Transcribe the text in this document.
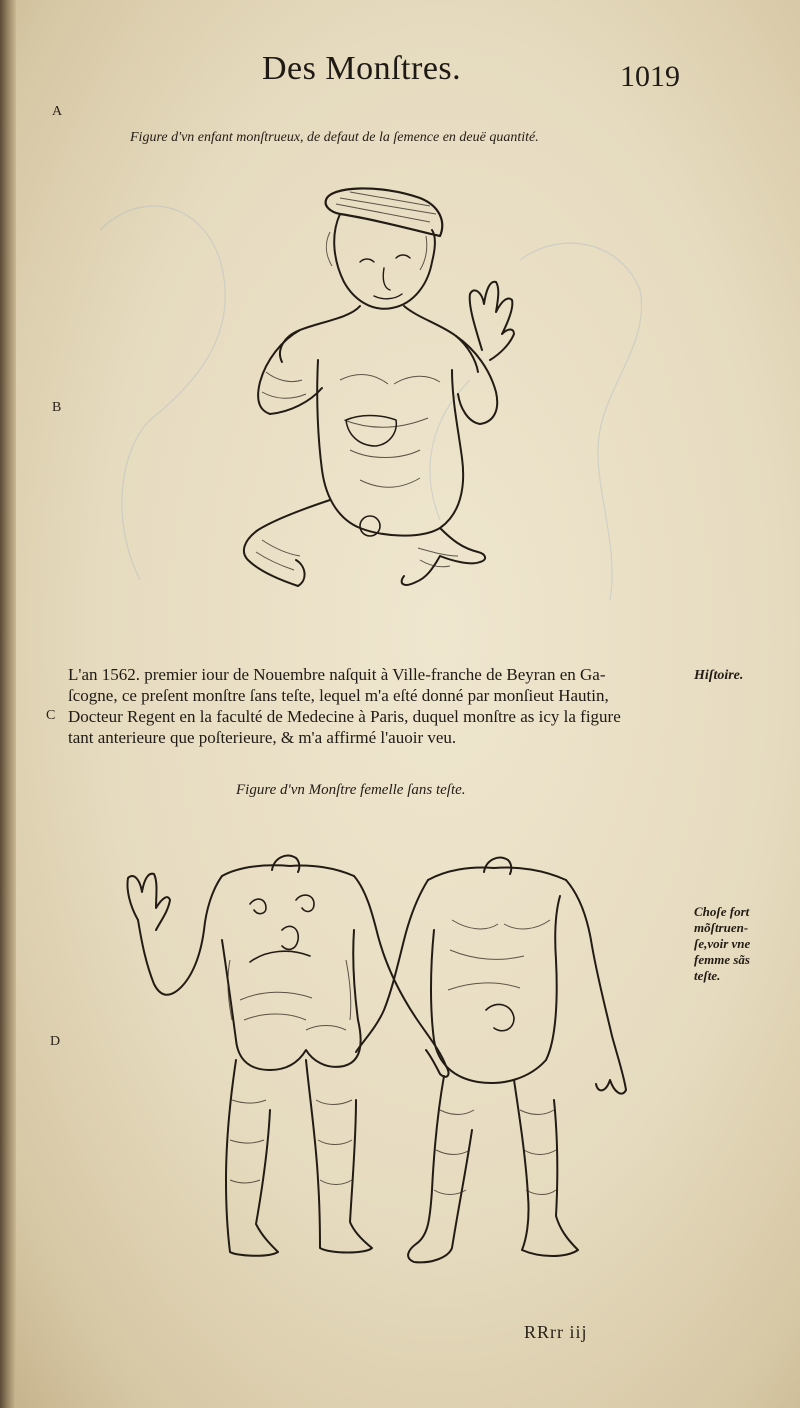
Des Monſtres.	1019
A
B
C
D
Figure d'vn enfant monſtrueux, de defaut de la ſemence en deuë quantité.
L'an 1562. premier iour de Nouembre naſquit à Ville-franche de Beyran en Ga-
ſcogne, ce preſent monſtre ſans teſte, lequel m'a eſté donné par monſieut Hautin,
Docteur Regent en la faculté de Medecine à Paris, duquel monſtre as icy la figure
tant anterieure que poſterieure, & m'a affirmé l'auoir veu.
Hiſtoire.
Figure d'vn Monſtre femelle ſans teſte.
Choſe fort
mõſtruen-
ſe,voir vne
femme sãs
teſte.
RRrr iij
